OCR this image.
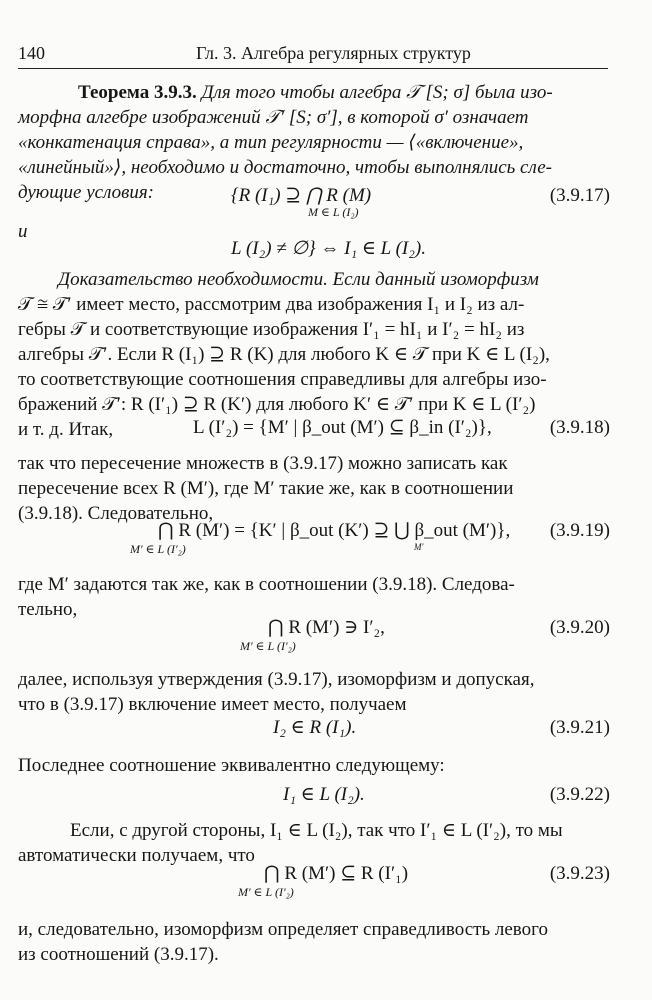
140	Гл. 3. Алгебра регулярных структур
Теорема 3.9.3. Для того чтобы алгебра 𝒯 [S; σ] была изо-
морфна алгебре изображений 𝒯′ [S; σ′], в которой σ′ означает
«конкатенация справа», а тип регулярности — ⟨«включение»,
«линейный»⟩, необходимо и достаточно, чтобы выполнялись сле-
дующие условия:	{R (I₁) ⊇ ⋂ R (M)
M ∈ L (I₂)
(3.9.17)
и
L (I₂) ≠ ∅} ⇔ I₁ ∈ L (I₂).
Доказательство необходимости. Если данный изоморфизм
𝒯 ≅ 𝒯′ имеет место, рассмотрим два изображения I₁ и I₂ из ал-
гебры 𝒯 и соответствующие изображения I′₁ = hI₁ и I′₂ = hI₂ из
алгебры 𝒯′. Если R (I₁) ⊇ R (K) для любого K ∈ 𝒯 при K ∈ L (I₂),
то соответствующие соотношения справедливы для алгебры изо-
бражений 𝒯′: R (I′₁) ⊇ R (K′) для любого K′ ∈ 𝒯′ при K ∈ L (I′₂)
и т. д. Итак,	L (I′₂) = {M′ | β_out (M′) ⊆ β_in (I′₂)},	(3.9.18)
так что пересечение множеств в (3.9.17) можно записать как
пересечение всех R (M′), где M′ такие же, как в соотношении
(3.9.18). Следовательно,
⋂ R (M′) = {K′ | β_out (K′) ⊇ ⋃ β_out (M′)},
M′ ∈ L (I′₂)	M′
(3.9.19)
где M′ задаются так же, как в соотношении (3.9.18). Следова-
тельно,
⋂ R (M′) ∋ I′₂,
M′ ∈ L (I′₂)
(3.9.20)
далее, используя утверждения (3.9.17), изоморфизм и допуская,
что в (3.9.17) включение имеет место, получаем
I₂ ∈ R (I₁).	(3.9.21)
Последнее соотношение эквивалентно следующему:
I₁ ∈ L (I₂).	(3.9.22)
Если, с другой стороны, I₁ ∈ L (I₂), так что I′₁ ∈ L (I′₂), то мы
автоматически получаем, что
⋂ R (M′) ⊆ R (I′₁)
M′ ∈ L (I′₂)
(3.9.23)
и, следовательно, изоморфизм определяет справедливость левого
из соотношений (3.9.17).
